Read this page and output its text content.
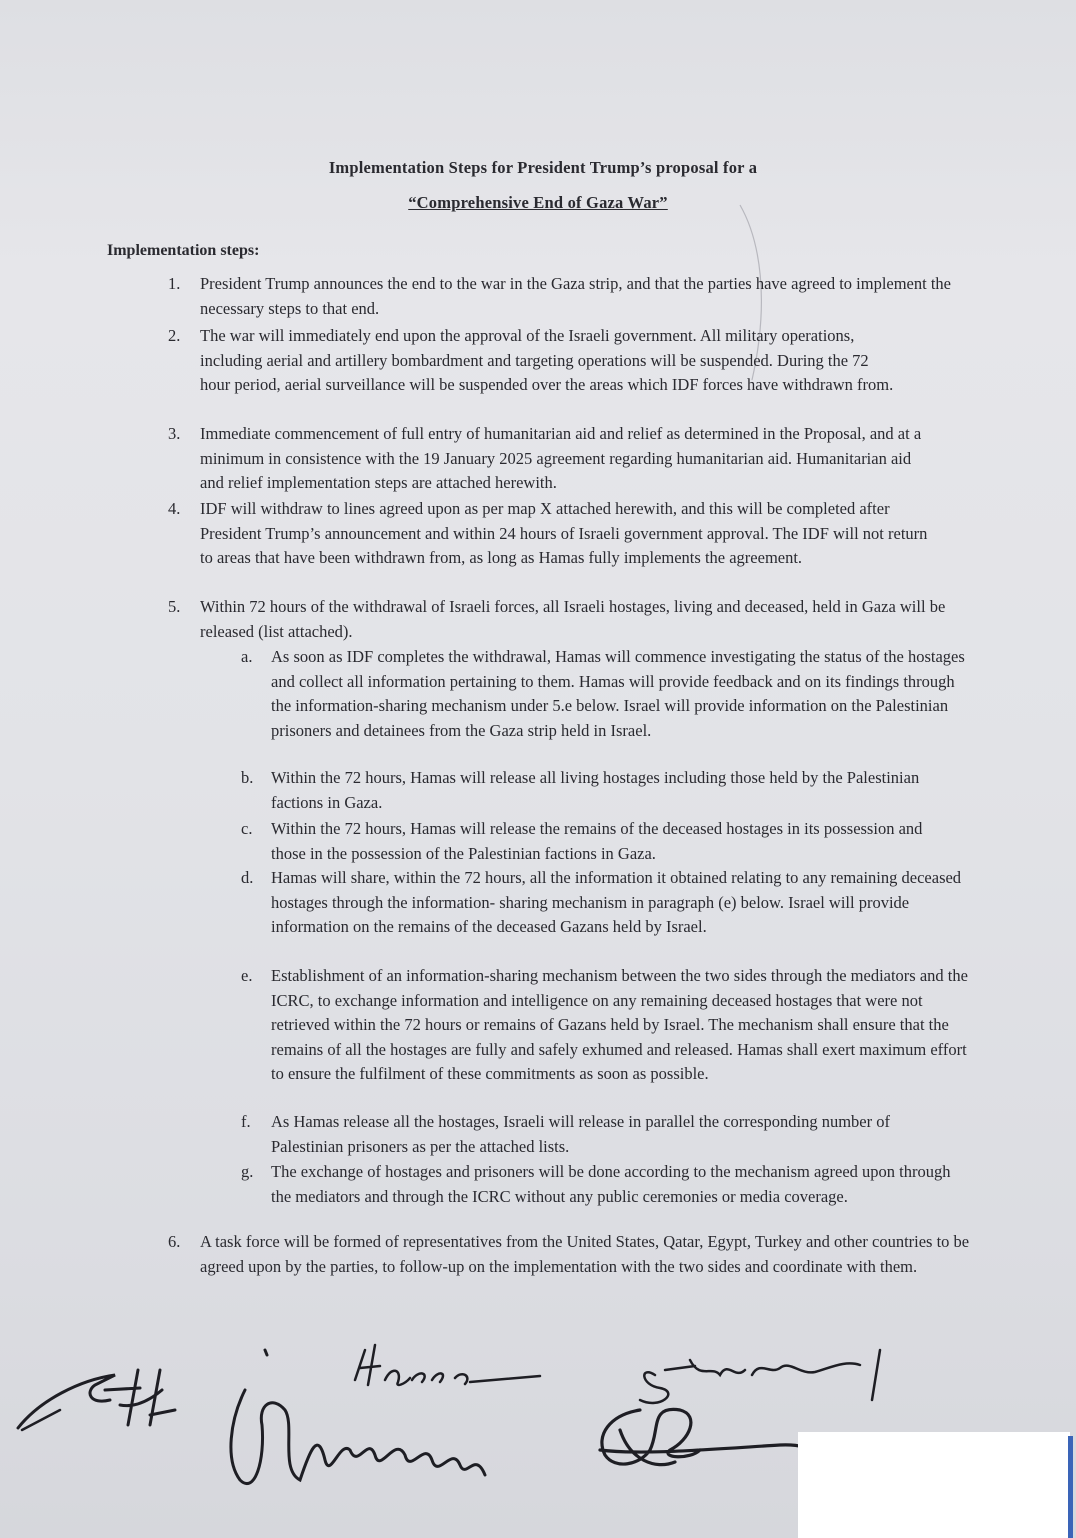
Implementation Steps for President Trump’s proposal for a
“Comprehensive End of Gaza War”
Implementation steps:
1. President Trump announces the end to the war in the Gaza strip, and that the parties have agreed to implement the necessary steps to that end.
2. The war will immediately end upon the approval of the Israeli government. All military operations, including aerial and artillery bombardment and targeting operations will be suspended. During the 72 hour period, aerial surveillance will be suspended over the areas which IDF forces have withdrawn from.
3. Immediate commencement of full entry of humanitarian aid and relief as determined in the Proposal, and at a minimum in consistence with the 19 January 2025 agreement regarding humanitarian aid. Humanitarian aid and relief implementation steps are attached herewith.
4. IDF will withdraw to lines agreed upon as per map X attached herewith, and this will be completed after President Trump’s announcement and within 24 hours of Israeli government approval. The IDF will not return to areas that have been withdrawn from, as long as Hamas fully implements the agreement.
5. Within 72 hours of the withdrawal of Israeli forces, all Israeli hostages, living and deceased, held in Gaza will be released (list attached).
a. As soon as IDF completes the withdrawal, Hamas will commence investigating the status of the hostages and collect all information pertaining to them. Hamas will provide feedback and on its findings through the information-sharing mechanism under 5.e below. Israel will provide information on the Palestinian prisoners and detainees from the Gaza strip held in Israel.
b. Within the 72 hours, Hamas will release all living hostages including those held by the Palestinian factions in Gaza.
c. Within the 72 hours, Hamas will release the remains of the deceased hostages in its possession and those in the possession of the Palestinian factions in Gaza.
d. Hamas will share, within the 72 hours, all the information it obtained relating to any remaining deceased hostages through the information- sharing mechanism in paragraph (e) below. Israel will provide information on the remains of the deceased Gazans held by Israel.
e. Establishment of an information-sharing mechanism between the two sides through the mediators and the ICRC, to exchange information and intelligence on any remaining deceased hostages that were not retrieved within the 72 hours or remains of Gazans held by Israel. The mechanism shall ensure that the remains of all the hostages are fully and safely exhumed and released. Hamas shall exert maximum effort to ensure the fulfilment of these commitments as soon as possible.
f. As Hamas release all the hostages, Israeli will release in parallel the corresponding number of Palestinian prisoners as per the attached lists.
g. The exchange of hostages and prisoners will be done according to the mechanism agreed upon through the mediators and through the ICRC without any public ceremonies or media coverage.
6. A task force will be formed of representatives from the United States, Qatar, Egypt, Turkey and other countries to be agreed upon by the parties, to follow-up on the implementation with the two sides and coordinate with them.
